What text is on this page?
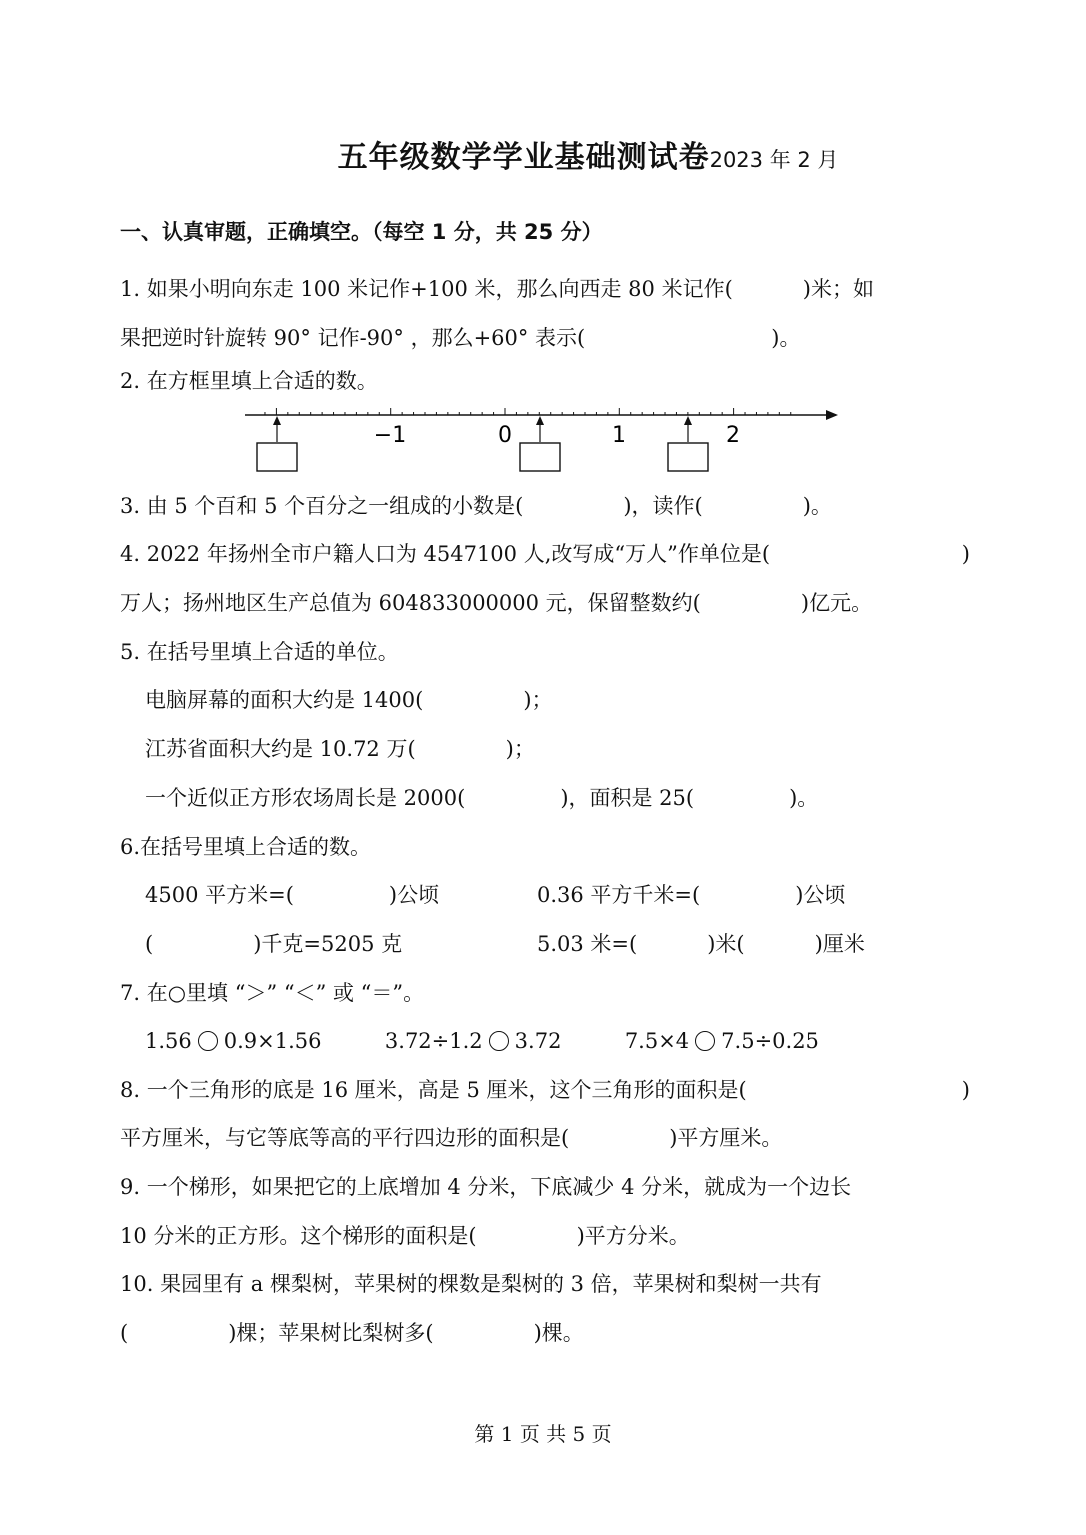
五年级数学学业基础测试卷2023 年 2 月
一、认真审题，正确填空。（每空 1 分，共 25 分）
1. 如果小明向东走 100 米记作+100 米，那么向西走 80 米记作(	)米；如
果把逆时针旋转 90° 记作-90° ，那么+60° 表示(	)。
2. 在方框里填上合适的数。
−1	0	1	2
3. 由 5 个百和 5 个百分之一组成的小数是(	)，读作(	)。
4. 2022 年扬州全市户籍人口为 4547100 人,改写成“万人”作单位是(	)
万人；扬州地区生产总值为 604833000000 元，保留整数约(	)亿元。
5. 在括号里填上合适的单位。
电脑屏幕的面积大约是 1400(	)；
江苏省面积大约是 10.72 万(	)；
一个近似正方形农场周长是 2000(	)，面积是 25(	)。
6.在括号里填上合适的数。
4500 平方米=(	)公顷	0.36 平方千米=(	)公顷
(	)千克=5205 克	5.03 米=(	)米(	)厘米
7. 在○里填 “＞” “＜” 或 “＝”。
1.56 0.9×1.56	3.72÷1.2 3.72	7.5×4 7.5÷0.25
8. 一个三角形的底是 16 厘米，高是 5 厘米，这个三角形的面积是(	)
平方厘米，与它等底等高的平行四边形的面积是(	)平方厘米。
9. 一个梯形，如果把它的上底增加 4 分米，下底减少 4 分米，就成为一个边长
10 分米的正方形。这个梯形的面积是(	)平方分米。
10. 果园里有 a 棵梨树，苹果树的棵数是梨树的 3 倍，苹果树和梨树一共有
(	)棵；苹果树比梨树多(	)棵。
第 1 页 共 5 页
